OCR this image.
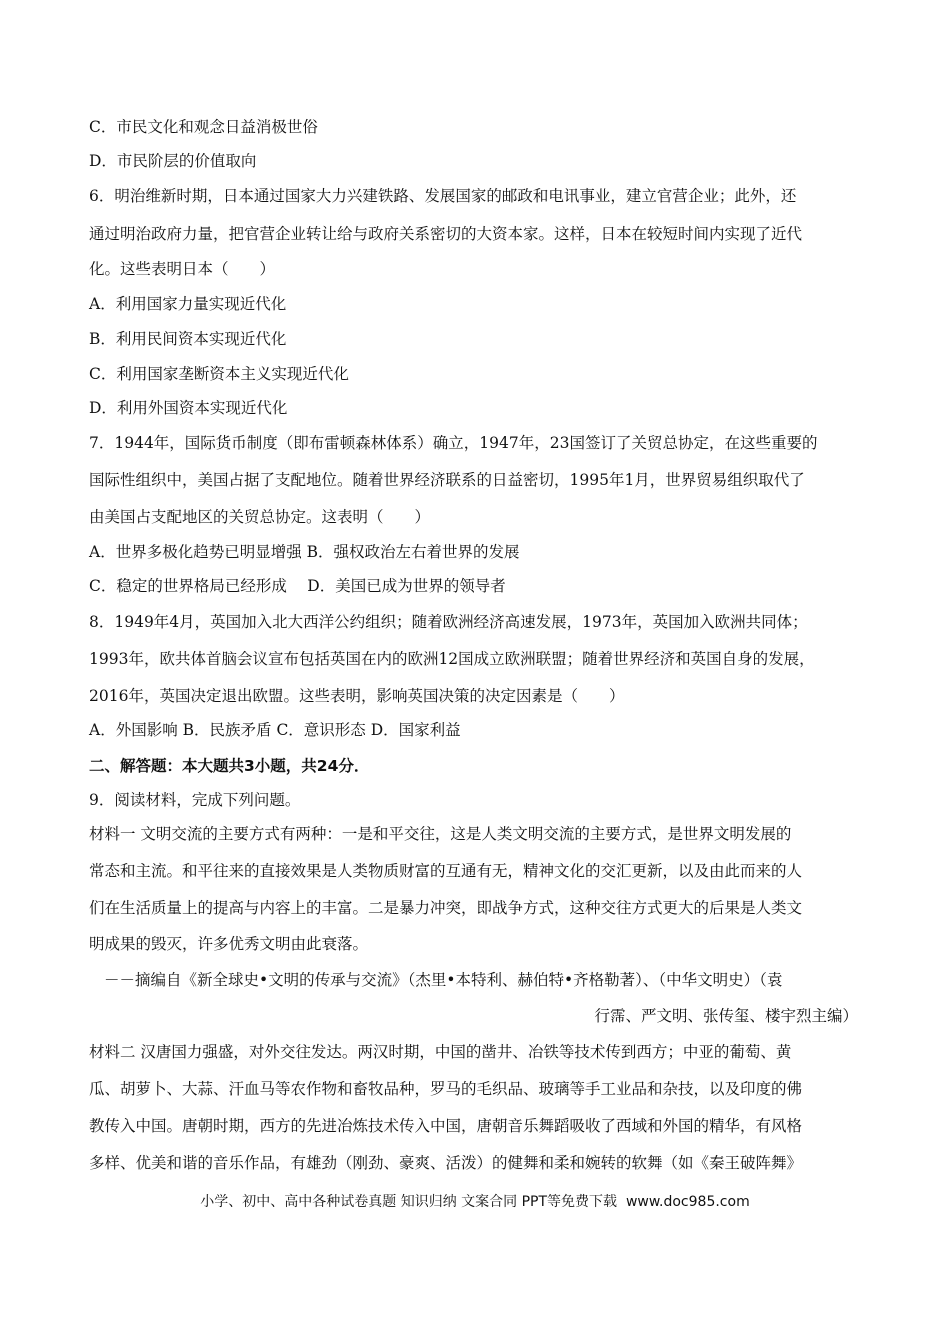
C．市民文化和观念日益消极世俗
D．市民阶层的价值取向
6．明治维新时期，日本通过国家大力兴建铁路、发展国家的邮政和电讯事业，建立官营企业；此外，还
通过明治政府力量，把官营企业转让给与政府关系密切的大资本家。这样，日本在较短时间内实现了近代
化。这些表明日本（　　）
A．利用国家力量实现近代化
B．利用民间资本实现近代化
C．利用国家垄断资本主义实现近代化
D．利用外国资本实现近代化
7．1944年，国际货币制度（即布雷顿森林体系）确立，1947年，23国签订了关贸总协定，在这些重要的
国际性组织中，美国占据了支配地位。随着世界经济联系的日益密切，1995年1月，世界贸易组织取代了
由美国占支配地区的关贸总协定。这表明（　　）
A．世界多极化趋势已明显增强 B．强权政治左右着世界的发展
C．稳定的世界格局已经形成　 D．美国已成为世界的领导者
8．1949年4月，英国加入北大西洋公约组织；随着欧洲经济高速发展，1973年，英国加入欧洲共同体；
1993年，欧共体首脑会议宣布包括英国在内的欧洲12国成立欧洲联盟；随着世界经济和英国自身的发展，
2016年，英国决定退出欧盟。这些表明，影响英国决策的决定因素是（　　）
A．外国影响 B．民族矛盾 C．意识形态 D．国家利益
二、解答题：本大题共3小题，共24分．
9．阅读材料，完成下列问题。
材料一 文明交流的主要方式有两种：一是和平交往，这是人类文明交流的主要方式，是世界文明发展的
常态和主流。和平往来的直接效果是人类物质财富的互通有无，精神文化的交汇更新，以及由此而来的人
们在生活质量上的提高与内容上的丰富。二是暴力冲突，即战争方式，这种交往方式更大的后果是人类文
明成果的毁灭，许多优秀文明由此衰落。
－－摘编自《新全球史•文明的传承与交流》（杰里•本特利、赫伯特•齐格勒著）、（中华文明史）（袁
行霈、严文明、张传玺、楼宇烈主编）
材料二 汉唐国力强盛，对外交往发达。两汉时期，中国的凿井、冶铁等技术传到西方；中亚的葡萄、黄
瓜、胡萝卜、大蒜、汗血马等农作物和畜牧品种，罗马的毛织品、玻璃等手工业品和杂技，以及印度的佛
教传入中国。唐朝时期，西方的先进冶炼技术传入中国，唐朝音乐舞蹈吸收了西域和外国的精华，有风格
多样、优美和谐的音乐作品，有雄劲（刚劲、豪爽、活泼）的健舞和柔和婉转的软舞（如《秦王破阵舞》
小学、初中、高中各种试卷真题 知识归纳 文案合同 PPT等免费下载 www.doc985.com
